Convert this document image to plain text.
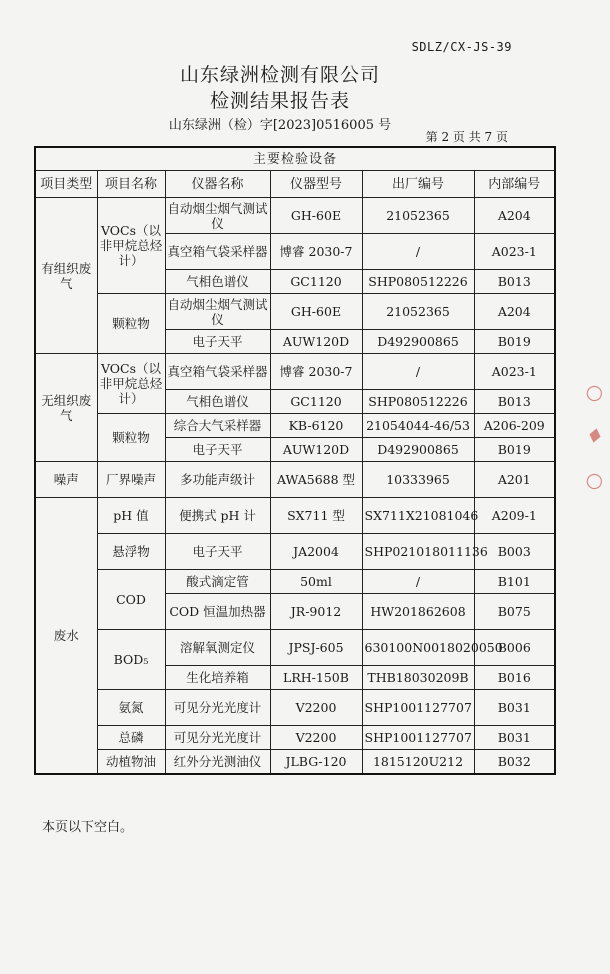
SDLZ/CX-JS-39
山东绿洲检测有限公司
检测结果报告表
山东绿洲（检）字[2023]0516005 号
第 2 页 共 7 页
主要检验设备					
项目类型	项目名称	仪器名称	仪器型号	出厂编号	内部编号
有组织废气	VOCs（以非甲烷总烃计）	自动烟尘烟气测试仪	GH-60E	21052365	A204
		真空箱气袋采样器	博睿 2030-7	/	A023-1
		气相色谱仪	GC1120	SHP080512226	B013
	颗粒物	自动烟尘烟气测试仪	GH-60E	21052365	A204
		电子天平	AUW120D	D492900865	B019
无组织废气	VOCs（以非甲烷总烃计）	真空箱气袋采样器	博睿 2030-7	/	A023-1
		气相色谱仪	GC1120	SHP080512226	B013
	颗粒物	综合大气采样器	KB-6120	21054044-46/53	A206-209
		电子天平	AUW120D	D492900865	B019
噪声	厂界噪声	多功能声级计	AWA5688 型	10333965	A201
废水	pH 值	便携式 pH 计	SX711 型	SX711X21081046	A209-1
	悬浮物	电子天平	JA2004	SHP021018011136	B003
	COD	酸式滴定管	50ml	/	B101
		COD 恒温加热器	JR-9012	HW201862608	B075
	BOD₅	溶解氧测定仪	JPSJ-605	630100N0018020050	B006
		生化培养箱	LRH-150B	THB18030209B	B016
	氨氮	可见分光光度计	V2200	SHP1001127707	B031
	总磷	可见分光光度计	V2200	SHP1001127707	B031
	动植物油	红外分光测油仪	JLBG-120	1815120U212	B032
本页以下空白。
○
♦
○
